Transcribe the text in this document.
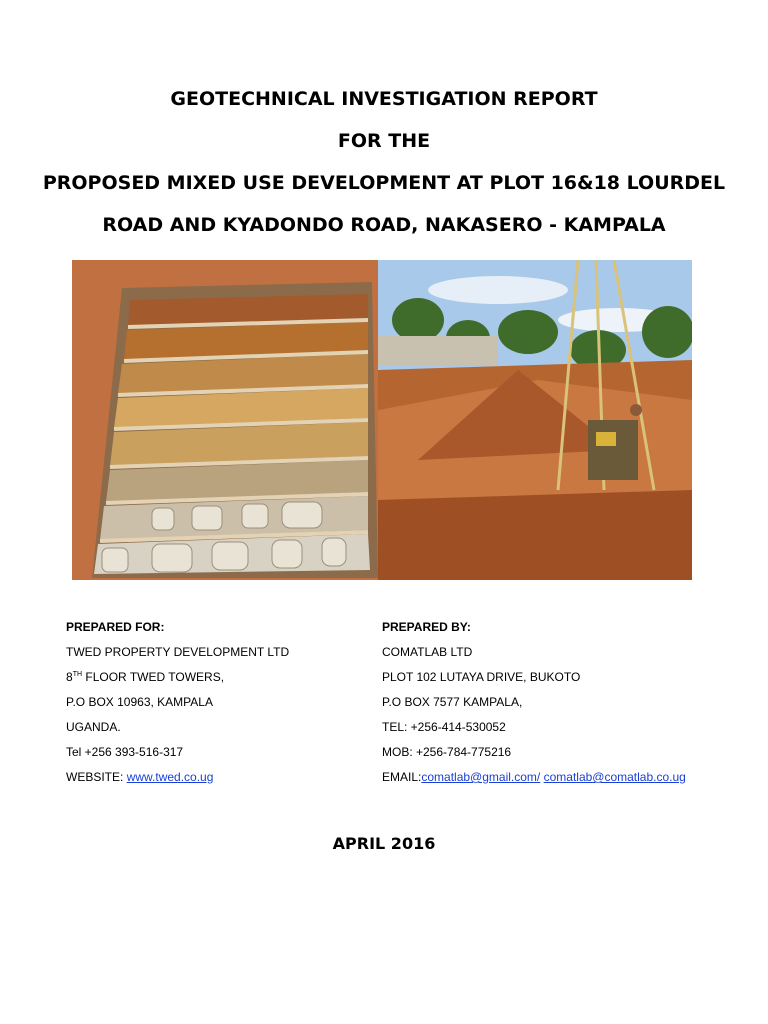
GEOTECHNICAL INVESTIGATION REPORT
FOR THE
PROPOSED MIXED USE DEVELOPMENT AT PLOT 16&18 LOURDEL
ROAD AND KYADONDO ROAD, NAKASERO - KAMPALA
PREPARED FOR:
TWED PROPERTY DEVELOPMENT LTD
8TH FLOOR TWED TOWERS,
P.O BOX 10963, KAMPALA
UGANDA.
Tel +256 393-516-317
WEBSITE: www.twed.co.ug
PREPARED BY:
COMATLAB LTD
PLOT 102 LUTAYA DRIVE, BUKOTO
P.O BOX 7577 KAMPALA,
TEL: +256-414-530052
MOB: +256-784-775216
EMAIL:comatlab@gmail.com/ comatlab@comatlab.co.ug
APRIL 2016
